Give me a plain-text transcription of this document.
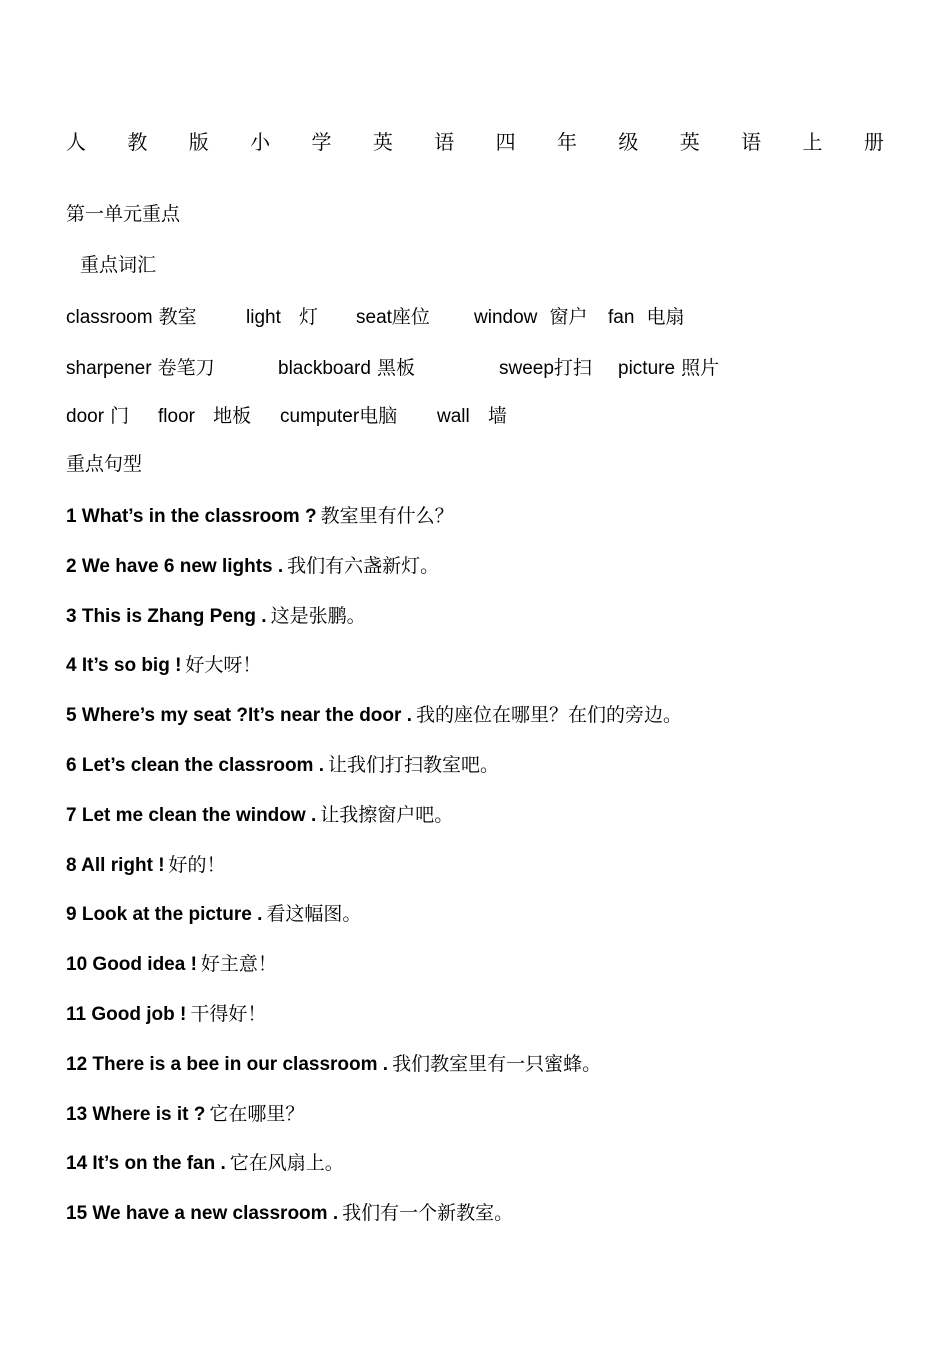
人 教 版 小 学 英 语 四 年 级 英 语 上 册
第一单元重点
重点词汇
classroom 教室	light 灯 seat座位 window 窗户 fan 电扇
sharpener 卷笔刀	blackboard 黑板	sweep打扫 picture 照片
door 门 floor 地板 cumputer电脑 wall 墙
重点句型
1 What’s in the classroom ? 教室里有什么？
2 We have 6 new lights . 我们有六盏新灯。
3 This is Zhang Peng . 这是张鹏。
4 It’s so big ! 好大呀！
5 Where’s my seat ?It’s near the door . 我的座位在哪里？在们的旁边。
6 Let’s clean the classroom . 让我们打扫教室吧。
7 Let me clean the window . 让我擦窗户吧。
8 All right ! 好的！
9 Look at the picture . 看这幅图。
10 Good idea ! 好主意！
11 Good job ! 干得好！
12 There is a bee in our classroom . 我们教室里有一只蜜蜂。
13 Where is it ? 它在哪里？
14 It’s on the fan . 它在风扇上。
15 We have a new classroom . 我们有一个新教室。
